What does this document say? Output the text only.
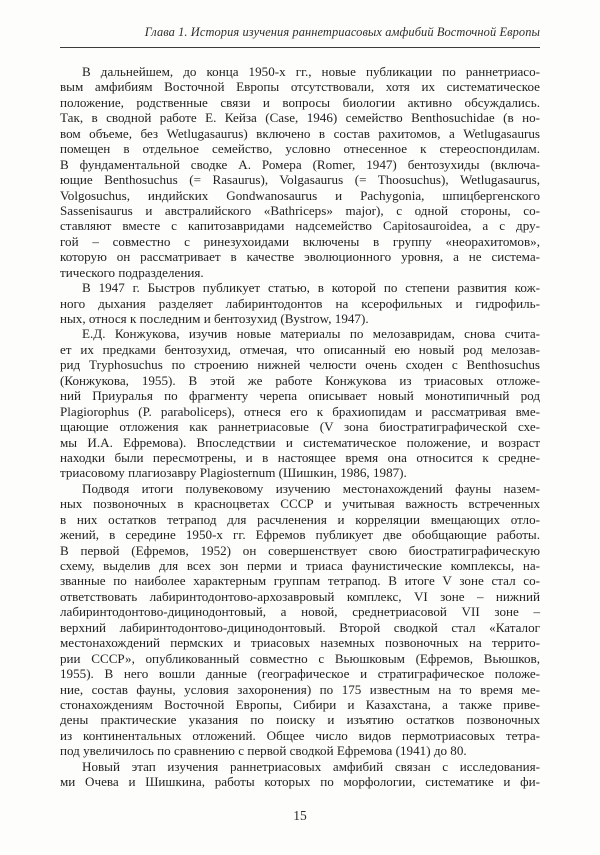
Глава 1. История изучения раннетриасовых амфибий Восточной Европы
В дальнейшем, до конца 1950-х гг., новые публикации по раннетриасо-
вым амфибиям Восточной Европы отсутствовали, хотя их систематическое
положение, родственные связи и вопросы биологии активно обсуждались.
Так, в сводной работе Е. Кейза (Case, 1946) семейство Benthosuchidae (в но-
вом объеме, без Wetlugasaurus) включено в состав рахитомов, а Wetlugasaurus
помещен в отдельное семейство, условно отнесенное к стереоспондилам.
В фундаментальной сводке А. Ромера (Romer, 1947) бентозухиды (включа-
ющие Benthosuchus (= Rasaurus), Volgasaurus (= Thoosuchus), Wetlugasaurus,
Volgosuchus, индийских Gondwanosaurus и Pachygonia, шпицбергенского
Sassenisaurus и австралийского «Bathriceps» major), с одной стороны, со-
ставляют вместе с капитозавридами надсемейство Capitosauroidea, а с дру-
гой – совместно с ринезухоидами включены в группу «неорахитомов»,
которую он рассматривает в качестве эволюционного уровня, а не система-
тического подразделения.
В 1947 г. Быстров публикует статью, в которой по степени развития кож-
ного дыхания разделяет лабиринтодонтов на ксерофильных и гидрофиль-
ных, относя к последним и бентозухид (Bystrow, 1947).
Е.Д. Конжукова, изучив новые материалы по мелозавридам, снова счита-
ет их предками бентозухид, отмечая, что описанный ею новый род мелозав-
рид Tryphosuchus по строению нижней челюсти очень сходен с Benthosuchus
(Конжукова, 1955). В этой же работе Конжукова из триасовых отложе-
ний Приуралья по фрагменту черепа описывает новый монотипичный род
Plagiorophus (P. paraboliceps), отнеся его к брахиопидам и рассматривая вме-
щающие отложения как раннетриасовые (V зона биостратиграфической схе-
мы И.А. Ефремова). Впоследствии и систематическое положение, и возраст
находки были пересмотрены, и в настоящее время она относится к средне-
триасовому плагиозавру Plagiosternum (Шишкин, 1986, 1987).
Подводя итоги полувековому изучению местонахождений фауны назем-
ных позвоночных в красноцветах СССР и учитывая важность встреченных
в них остатков тетрапод для расчленения и корреляции вмещающих отло-
жений, в середине 1950-х гг. Ефремов публикует две обобщающие работы.
В первой (Ефремов, 1952) он совершенствует свою биостратиграфическую
схему, выделив для всех зон перми и триаса фаунистические комплексы, на-
званные по наиболее характерным группам тетрапод. В итоге V зоне стал со-
ответствовать лабиринтодонтово-архозавровый комплекс, VI зоне – нижний
лабиринтодонтово-дицинодонтовый, а новой, среднетриасовой VII зоне –
верхний лабиринтодонтово-дицинодонтовый. Второй сводкой стал «Каталог
местонахождений пермских и триасовых наземных позвоночных на террито-
рии СССР», опубликованный совместно с Вьюшковым (Ефремов, Вьюшков,
1955). В него вошли данные (географическое и стратиграфическое положе-
ние, состав фауны, условия захоронения) по 175 известным на то время ме-
стонахождениям Восточной Европы, Сибири и Казахстана, а также приве-
дены практические указания по поиску и изъятию остатков позвоночных
из континентальных отложений. Общее число видов пермотриасовых тетра-
под увеличилось по сравнению с первой сводкой Ефремова (1941) до 80.
Новый этап изучения раннетриасовых амфибий связан с исследования-
ми Очева и Шишкина, работы которых по морфологии, систематике и фи-
15
